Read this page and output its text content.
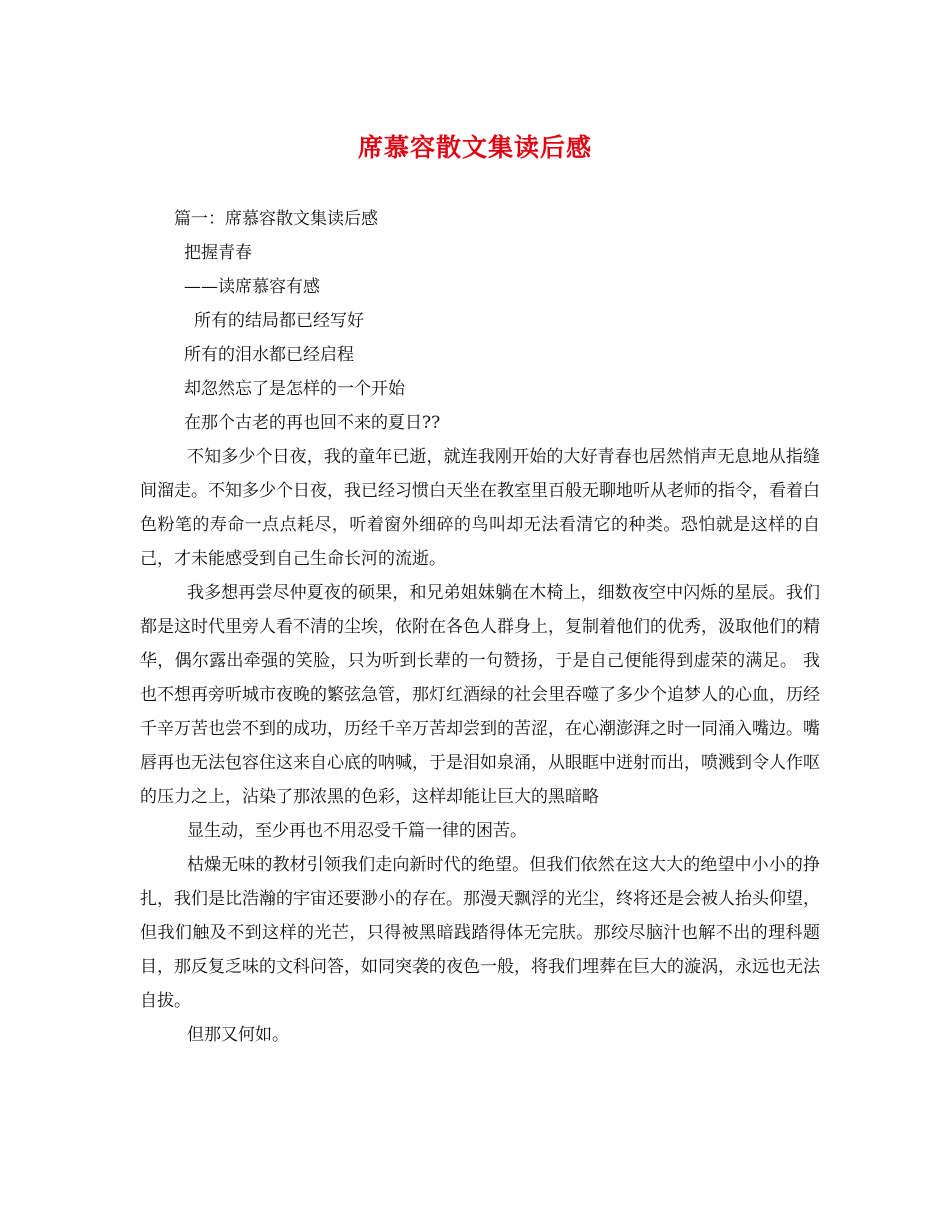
席慕容散文集读后感
篇一：席慕容散文集读后感
把握青春
——读席慕容有感
所有的结局都已经写好
所有的泪水都已经启程
却忽然忘了是怎样的一个开始
在那个古老的再也回不来的夏日??
不知多少个日夜，我的童年已逝，就连我刚开始的大好青春也居然悄声无息地从指缝间溜走。不知多少个日夜，我已经习惯白天坐在教室里百般无聊地听从老师的指令，看着白色粉笔的寿命一点点耗尽，听着窗外细碎的鸟叫却无法看清它的种类。恐怕就是这样的自己，才未能感受到自己生命长河的流逝。
我多想再尝尽仲夏夜的硕果，和兄弟姐妹躺在木椅上，细数夜空中闪烁的星辰。我们都是这时代里旁人看不清的尘埃，依附在各色人群身上，复制着他们的优秀，汲取他们的精华，偶尔露出牵强的笑脸，只为听到长辈的一句赞扬，于是自己便能得到虚荣的满足。 我也不想再旁听城市夜晚的繁弦急管，那灯红酒绿的社会里吞噬了多少个追梦人的心血，历经千辛万苦也尝不到的成功，历经千辛万苦却尝到的苦涩，在心潮澎湃之时一同涌入嘴边。嘴唇再也无法包容住这来自心底的呐喊，于是泪如泉涌，从眼眶中迸射而出，喷溅到令人作呕的压力之上，沾染了那浓黑的色彩，这样却能让巨大的黑暗略
显生动，至少再也不用忍受千篇一律的困苦。
枯燥无味的教材引领我们走向新时代的绝望。但我们依然在这大大的绝望中小小的挣扎，我们是比浩瀚的宇宙还要渺小的存在。那漫天飘浮的光尘，终将还是会被人抬头仰望，但我们触及不到这样的光芒，只得被黑暗践踏得体无完肤。那绞尽脑汁也解不出的理科题目，那反复乏味的文科问答，如同突袭的夜色一般，将我们埋葬在巨大的漩涡，永远也无法自拔。
但那又何如。
